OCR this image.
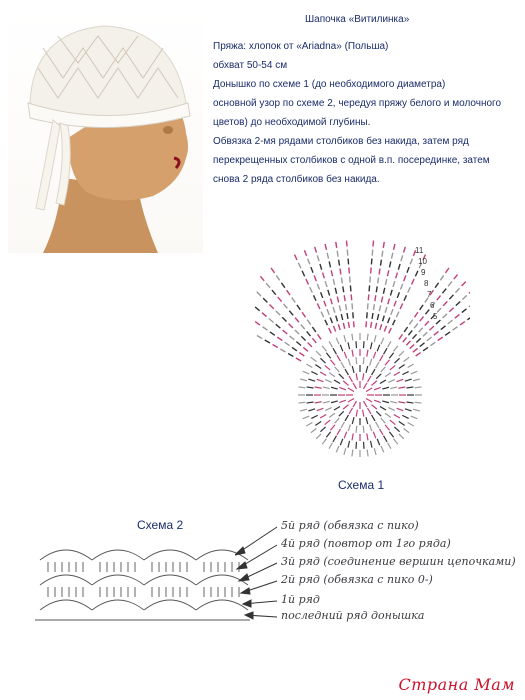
Шапочка «Витилинка»

Пряжа: хлопок от «Ariadna» (Польша)

обхват 50-54 см

Донышко по схеме 1 (до необходимого диаметра)

основной узор по схеме 2, чередуя пряжу белого и молочного

цветов) до необходимой глубины.

Обвязка 2-мя рядами столбиков без накида, затем ряд

перекрещенных столбиков с одной в.п. посерединке, затем

снова 2 ряда столбиков без накида.

11
10
9
8
7
6
5
Схема 1
Схема 2	5й ряд (обвязка с пико)
4й ряд (повтор от 1го ряда)
3й ряд (соединение вершин цепочками)
2й ряд (обвязка с пико 0-)
1й ряд
последний ряд донышка
Страна Мам
